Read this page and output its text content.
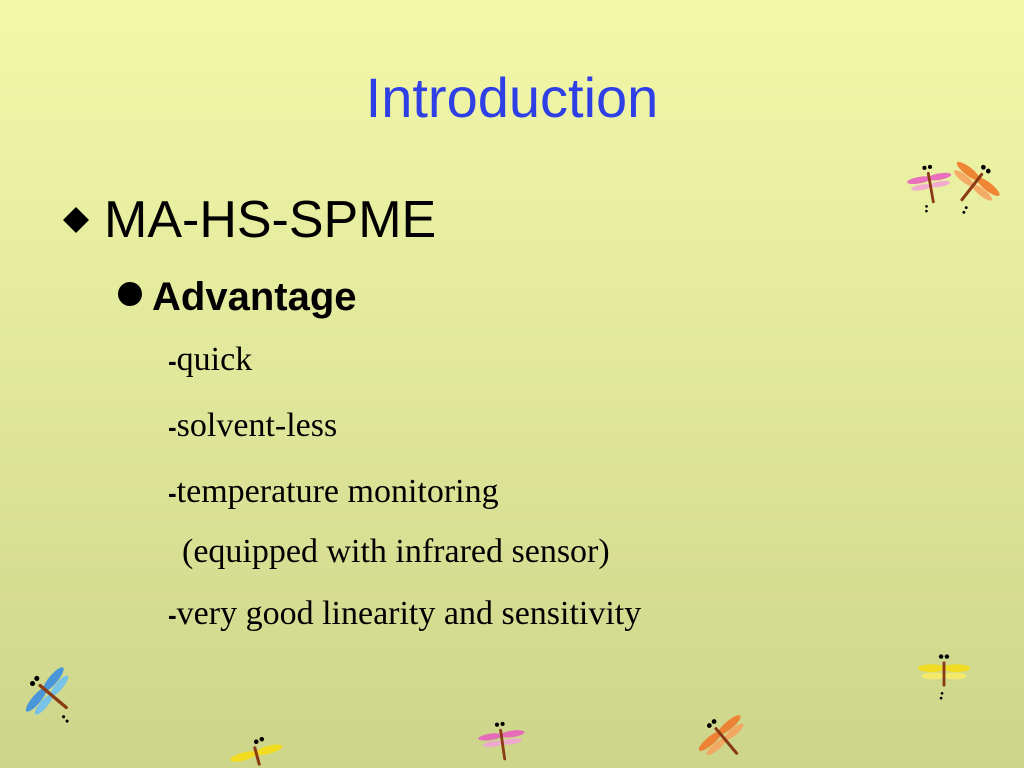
Introduction
MA-HS-SPME
Advantage
-quick
-solvent-less
-temperature monitoring
(equipped with infrared sensor)
-very good linearity and sensitivity
